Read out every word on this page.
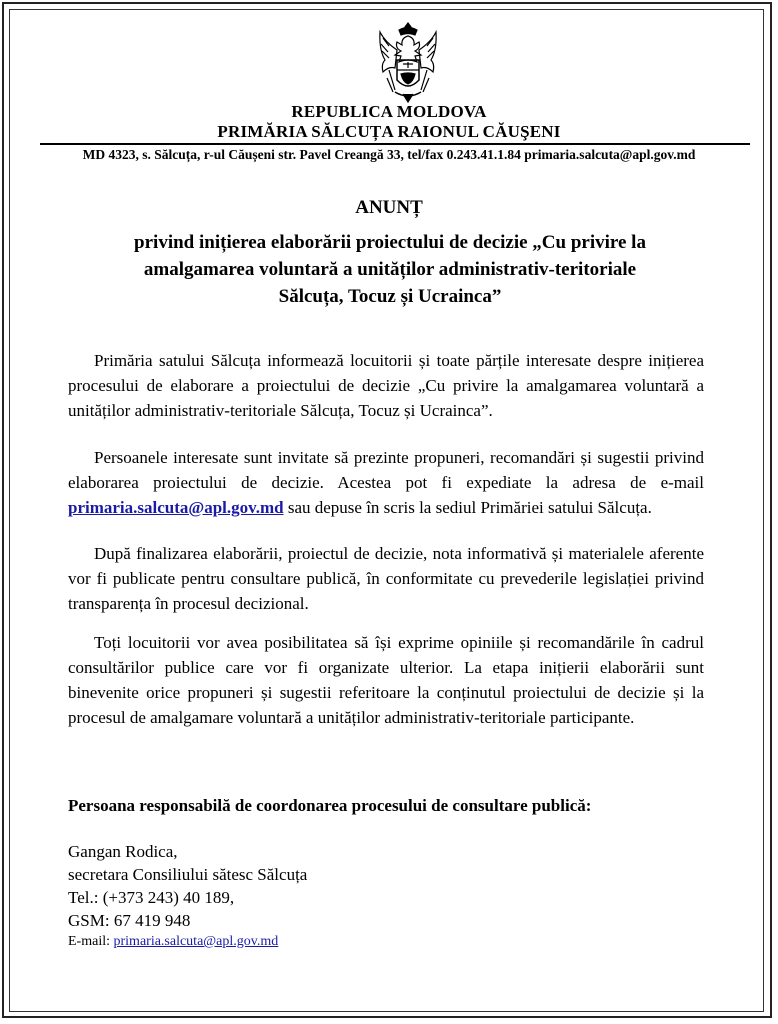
REPUBLICA MOLDOVA
PRIMĂRIA SĂLCUȚA RAIONUL CĂUŞENI
MD 4323, s. Sălcuța, r-ul Căușeni str. Pavel Creangă 33, tel/fax 0.243.41.1.84 primaria.salcuta@apl.gov.md
ANUNȚ
privind inițierea elaborării proiectului de decizie „Cu privire la amalgamarea voluntară a unităților administrativ-teritoriale Sălcuța, Tocuz și Ucrainca”
Primăria satului Sălcuța informează locuitorii și toate părțile interesate despre inițierea procesului de elaborare a proiectului de decizie „Cu privire la amalgamarea voluntară a unităților administrativ-teritoriale Sălcuța, Tocuz și Ucrainca”.
Persoanele interesate sunt invitate să prezinte propuneri, recomandări și sugestii privind elaborarea proiectului de decizie. Acestea pot fi expediate la adresa de e-mail primaria.salcuta@apl.gov.md sau depuse în scris la sediul Primăriei satului Sălcuța.
După finalizarea elaborării, proiectul de decizie, nota informativă și materialele aferente vor fi publicate pentru consultare publică, în conformitate cu prevederile legislației privind transparența în procesul decizional.
Toți locuitorii vor avea posibilitatea să își exprime opiniile și recomandările în cadrul consultărilor publice care vor fi organizate ulterior. La etapa inițierii elaborării sunt binevenite orice propuneri și sugestii referitoare la conținutul proiectului de decizie și la procesul de amalgamare voluntară a unităților administrativ-teritoriale participante.
Persoana responsabilă de coordonarea procesului de consultare publică:
Gangan Rodica,
secretara Consiliului sătesc Sălcuța
Tel.: (+373 243) 40 189,
GSM: 67 419 948
E-mail: primaria.salcuta@apl.gov.md
